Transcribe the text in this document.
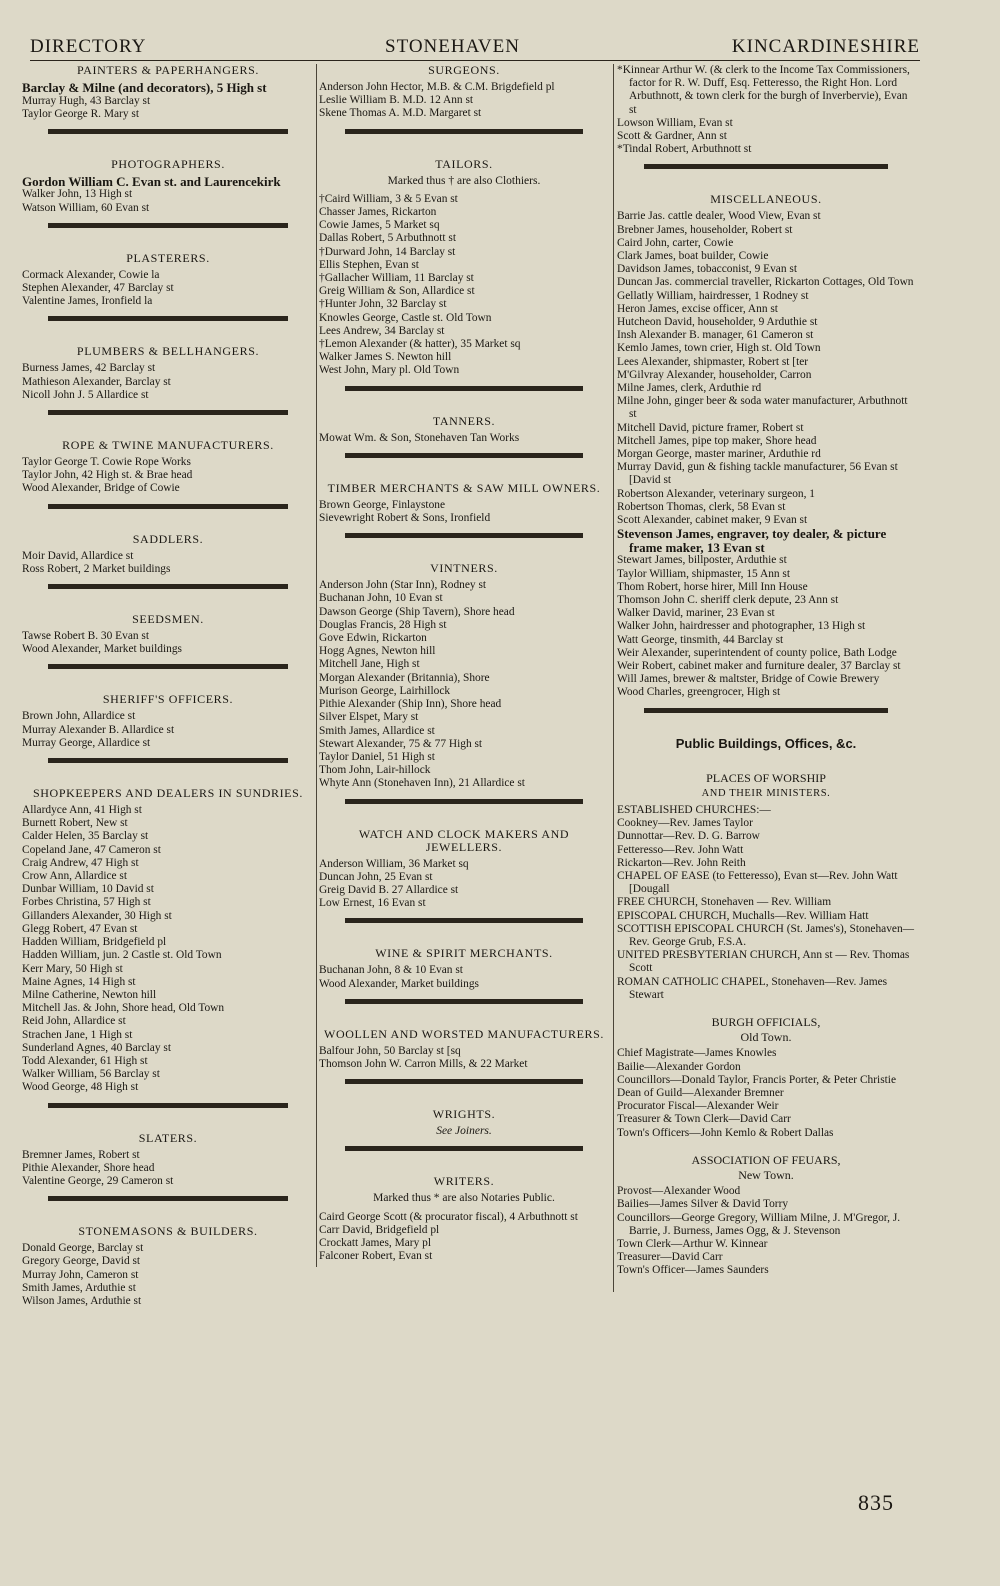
DIRECTORY	STONEHAVEN	KINCARDINESHIRE
PAINTERS & PAPERHANGERS.
Barclay & Milne (and decorators), 5 High st
Murray Hugh, 43 Barclay st
Taylor George R. Mary st
PHOTOGRAPHERS.
Gordon William C. Evan st. and Laurencekirk
Walker John, 13 High st
Watson William, 60 Evan st
PLASTERERS.
Cormack Alexander, Cowie la
Stephen Alexander, 47 Barclay st
Valentine James, Ironfield la
PLUMBERS & BELLHANGERS.
Burness James, 42 Barclay st
Mathieson Alexander, Barclay st
Nicoll John J. 5 Allardice st
ROPE & TWINE MANUFACTURERS.
Taylor George T. Cowie Rope Works
Taylor John, 42 High st. & Brae head
Wood Alexander, Bridge of Cowie
SADDLERS.
Moir David, Allardice st
Ross Robert, 2 Market buildings
SEEDSMEN.
Tawse Robert B. 30 Evan st
Wood Alexander, Market buildings
SHERIFF'S OFFICERS.
Brown John, Allardice st
Murray Alexander B. Allardice st
Murray George, Allardice st
SHOPKEEPERS AND DEALERS IN SUNDRIES.
Allardyce Ann, 41 High st
Burnett Robert, New st
Calder Helen, 35 Barclay st
Copeland Jane, 47 Cameron st
Craig Andrew, 47 High st
Crow Ann, Allardice st
Dunbar William, 10 David st
Forbes Christina, 57 High st
Gillanders Alexander, 30 High st
Glegg Robert, 47 Evan st
Hadden William, Bridgefield pl
Hadden William, jun. 2 Castle st. Old Town
Kerr Mary, 50 High st
Maine Agnes, 14 High st
Milne Catherine, Newton hill
Mitchell Jas. & John, Shore head, Old Town
Reid John, Allardice st
Strachen Jane, 1 High st
Sunderland Agnes, 40 Barclay st
Todd Alexander, 61 High st
Walker William, 56 Barclay st
Wood George, 48 High st
SLATERS.
Bremner James, Robert st
Pithie Alexander, Shore head
Valentine George, 29 Cameron st
STONEMASONS & BUILDERS.
Donald George, Barclay st
Gregory George, David st
Murray John, Cameron st
Smith James, Arduthie st
Wilson James, Arduthie st
SURGEONS.
Anderson John Hector, M.B. & C.M. Brigdefield pl
Leslie William B. M.D. 12 Ann st
Skene Thomas A. M.D. Margaret st
TAILORS.
Marked thus † are also Clothiers.
†Caird William, 3 & 5 Evan st
Chasser James, Rickarton
Cowie James, 5 Market sq
Dallas Robert, 5 Arbuthnott st
†Durward John, 14 Barclay st
Ellis Stephen, Evan st
†Gallacher William, 11 Barclay st
Greig William & Son, Allardice st
†Hunter John, 32 Barclay st
Knowles George, Castle st. Old Town
Lees Andrew, 34 Barclay st
†Lemon Alexander (& hatter), 35 Market sq
Walker James S. Newton hill
West John, Mary pl. Old Town
TANNERS.
Mowat Wm. & Son, Stonehaven Tan Works
TIMBER MERCHANTS & SAW MILL OWNERS.
Brown George, Finlaystone
Sievewright Robert & Sons, Ironfield
VINTNERS.
Anderson John (Star Inn), Rodney st
Buchanan John, 10 Evan st
Dawson George (Ship Tavern), Shore head
Douglas Francis, 28 High st
Gove Edwin, Rickarton
Hogg Agnes, Newton hill
Mitchell Jane, High st
Morgan Alexander (Britannia), Shore
Murison George, Lairhillock
Pithie Alexander (Ship Inn), Shore head
Silver Elspet, Mary st
Smith James, Allardice st
Stewart Alexander, 75 & 77 High st
Taylor Daniel, 51 High st
Thom John, Lair-hillock
Whyte Ann (Stonehaven Inn), 21 Allardice st
WATCH AND CLOCK MAKERS AND JEWELLERS.
Anderson William, 36 Market sq
Duncan John, 25 Evan st
Greig David B. 27 Allardice st
Low Ernest, 16 Evan st
WINE & SPIRIT MERCHANTS.
Buchanan John, 8 & 10 Evan st
Wood Alexander, Market buildings
WOOLLEN AND WORSTED MANUFACTURERS.
Balfour John, 50 Barclay st [sq
Thomson John W. Carron Mills, & 22 Market
WRIGHTS.
See Joiners.
WRITERS.
Marked thus * are also Notaries Public.
Caird George Scott (& procurator fiscal), 4 Arbuthnott st
Carr David, Bridgefield pl
Crockatt James, Mary pl
Falconer Robert, Evan st
*Kinnear Arthur W. (& clerk to the Income Tax Commissioners, factor for R. W. Duff, Esq. Fetteresso, the Right Hon. Lord Arbuthnott, & town clerk for the burgh of Inverbervie), Evan st
Lowson William, Evan st
Scott & Gardner, Ann st
*Tindal Robert, Arbuthnott st
MISCELLANEOUS.
Barrie Jas. cattle dealer, Wood View, Evan st
Brebner James, householder, Robert st
Caird John, carter, Cowie
Clark James, boat builder, Cowie
Davidson James, tobacconist, 9 Evan st
Duncan Jas. commercial traveller, Rickarton Cottages, Old Town
Gellatly William, hairdresser, 1 Rodney st
Heron James, excise officer, Ann st
Hutcheon David, householder, 9 Arduthie st
Insh Alexander B. manager, 61 Cameron st
Kemlo James, town crier, High st. Old Town
Lees Alexander, shipmaster, Robert st [ter
M'Gilvray Alexander, householder, Carron
Milne James, clerk, Arduthie rd
Milne John, ginger beer & soda water manufacturer, Arbuthnott st
Mitchell David, picture framer, Robert st
Mitchell James, pipe top maker, Shore head
Morgan George, master mariner, Arduthie rd
Murray David, gun & fishing tackle manufacturer, 56 Evan st [David st
Robertson Alexander, veterinary surgeon, 1
Robertson Thomas, clerk, 58 Evan st
Scott Alexander, cabinet maker, 9 Evan st
Stevenson James, engraver, toy dealer, & picture frame maker, 13 Evan st
Stewart James, billposter, Arduthie st
Taylor William, shipmaster, 15 Ann st
Thom Robert, horse hirer, Mill Inn House
Thomson John C. sheriff clerk depute, 23 Ann st
Walker David, mariner, 23 Evan st
Walker John, hairdresser and photographer, 13 High st
Watt George, tinsmith, 44 Barclay st
Weir Alexander, superintendent of county police, Bath Lodge
Weir Robert, cabinet maker and furniture dealer, 37 Barclay st
Will James, brewer & maltster, Bridge of Cowie Brewery
Wood Charles, greengrocer, High st
Public Buildings, Offices, &c.
PLACES OF WORSHIP
AND THEIR MINISTERS.
ESTABLISHED CHURCHES:—
Cookney—Rev. James Taylor
Dunnottar—Rev. D. G. Barrow
Fetteresso—Rev. John Watt
Rickarton—Rev. John Reith
CHAPEL OF EASE (to Fetteresso), Evan st—Rev. John Watt [Dougall
FREE CHURCH, Stonehaven — Rev. William
EPISCOPAL CHURCH, Muchalls—Rev. William Hatt
SCOTTISH EPISCOPAL CHURCH (St. James's), Stonehaven—Rev. George Grub, F.S.A.
UNITED PRESBYTERIAN CHURCH, Ann st — Rev. Thomas Scott
ROMAN CATHOLIC CHAPEL, Stonehaven—Rev. James Stewart
BURGH OFFICIALS,
Old Town.
Chief Magistrate—James Knowles
Bailie—Alexander Gordon
Councillors—Donald Taylor, Francis Porter, & Peter Christie
Dean of Guild—Alexander Bremner
Procurator Fiscal—Alexander Weir
Treasurer & Town Clerk—David Carr
Town's Officers—John Kemlo & Robert Dallas
ASSOCIATION OF FEUARS,
New Town.
Provost—Alexander Wood
Bailies—James Silver & David Torry
Councillors—George Gregory, William Milne, J. M'Gregor, J. Barrie, J. Burness, James Ogg, & J. Stevenson
Town Clerk—Arthur W. Kinnear
Treasurer—David Carr
Town's Officer—James Saunders
835
